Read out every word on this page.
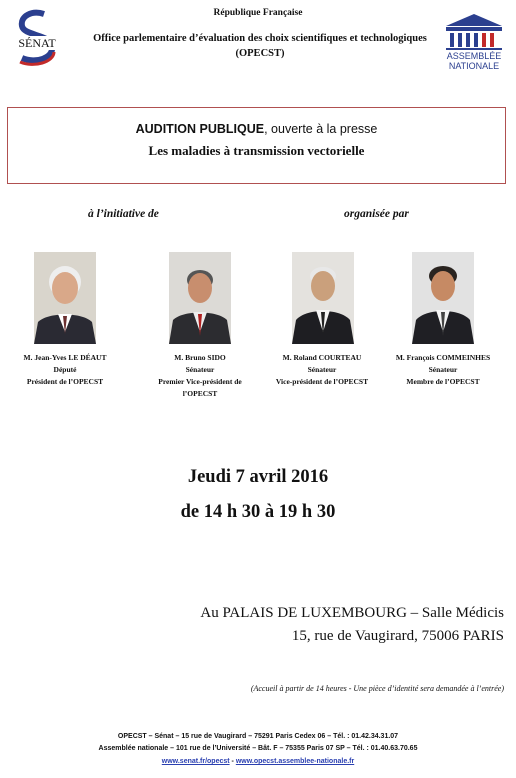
SÉNAT
République Française
Office parlementaire d’évaluation des choix scientifiques et technologiques
(OPECST)	ASSEMBLÉE
NATIONALE
AUDITION PUBLIQUE, ouverte à la presse
Les maladies à transmission vectorielle
à l’initiative de	organisée par
M. Jean-Yves LE DÉAUT
Député
Président de l’OPECST
M. Bruno SIDO
Sénateur
Premier Vice-président de
l’OPECST
M. Roland COURTEAU
Sénateur
Vice-président de l’OPECST
M. François COMMEINHES
Sénateur
Membre de l’OPECST
Jeudi 7 avril 2016
de 14 h 30 à 19 h 30
Au PALAIS DE LUXEMBOURG – Salle Médicis
15, rue de Vaugirard, 75006 PARIS
(Accueil à partir de 14 heures - Une pièce d’identité sera demandée à l’entrée)
OPECST – Sénat – 15 rue de Vaugirard – 75291 Paris Cedex 06 – Tél. : 01.42.34.31.07
Assemblée nationale – 101 rue de l’Université – Bât. F – 75355 Paris 07 SP – Tél. : 01.40.63.70.65
www.senat.fr/opecst - www.opecst.assemblee-nationale.fr
